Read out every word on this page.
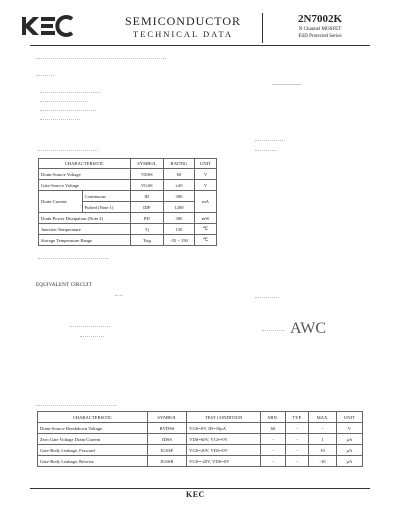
SEMICONDUCTOR
TECHNICAL DATA
2N7002K
N Channel MOSFET
ESD Protected Series
CHARACTERISTIC		SYMBOL	RATING	UNIT
Drain-Source Voltage		VDSS	60	V
Gate-Source Voltage		VGSS	±20	V
Drain Current	Continuous	ID	300	mA
	Pulsed (Note 1)	IDP	1200	
Drain Power Dissipation (Note 2)		PD	300	mW
Junction Temperature		Tj	150	℃
Storage Temperature Range		Tstg	-55 ~ 150	℃
EQUIVALENT CIRCUIT
AWC
CHARACTERISTIC	SYMBOL	TEST CONDITION	MIN.	TYP.	MAX.	UNIT
Drain-Source Breakdown Voltage	BVDSS	VGS=0V, ID=10μA	60	-	-	V
Zero Gate Voltage Drain Current	IDSS	VDS=60V, VGS=0V	-	-	1	μA
Gate-Body Leakage, Forward	IGSSF	VGS=20V, VDS=0V	-	-	10	μA
Gate-Body Leakage, Reverse	IGSSR	VGS=-20V, VDS=0V	-	-	-10	μA
KEC
